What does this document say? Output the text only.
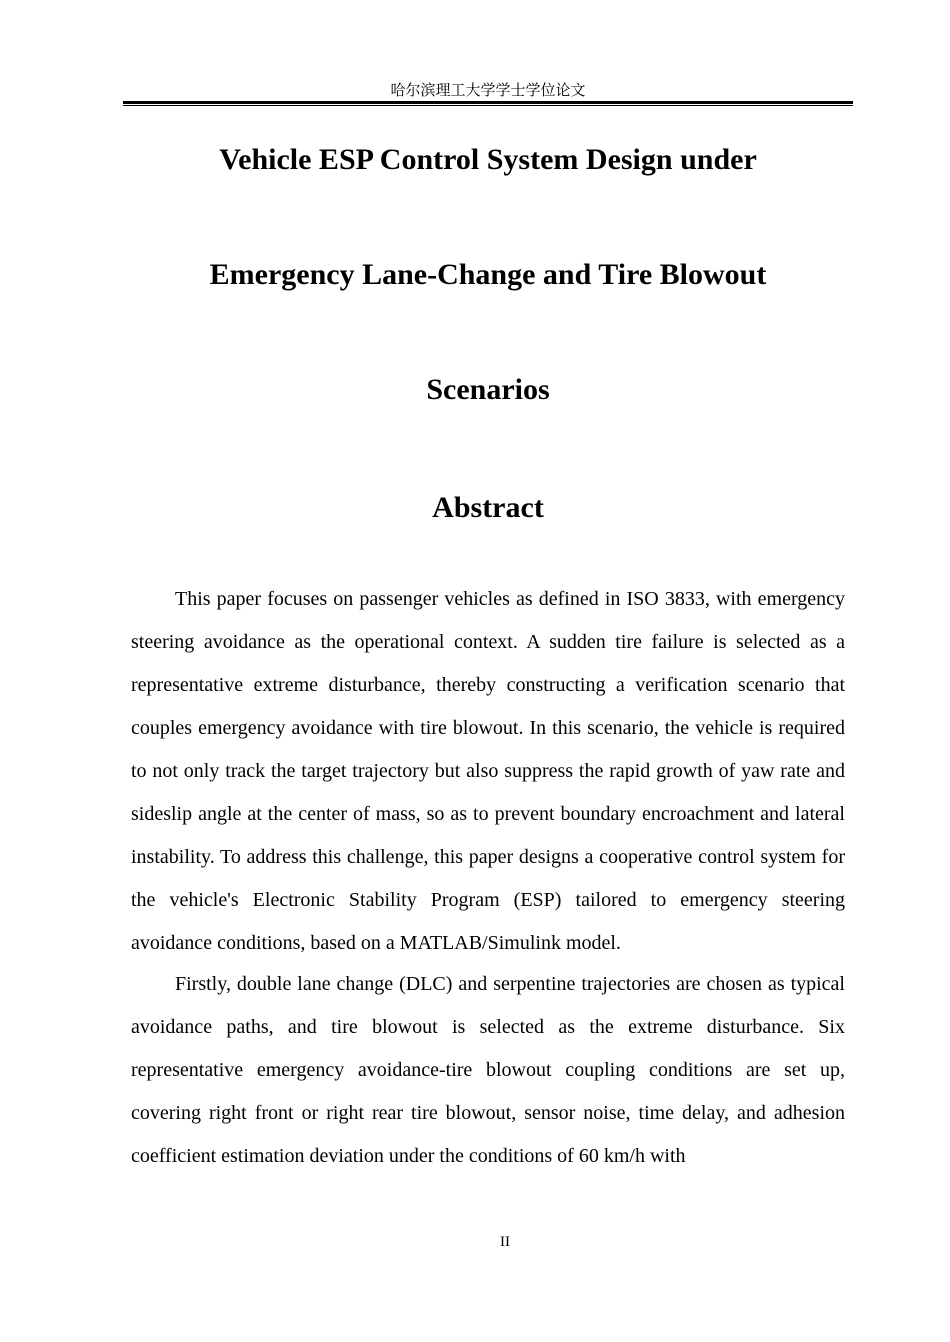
哈尔滨理工大学学士学位论文
Vehicle ESP Control System Design under
Emergency Lane-Change and Tire Blowout
Scenarios
Abstract

This paper focuses on passenger vehicles as defined in ISO 3833, with emergency steering avoidance as the operational context. A sudden tire failure is selected as a representative extreme disturbance, thereby constructing a verification scenario that couples emergency avoidance with tire blowout. In this scenario, the vehicle is required to not only track the target trajectory but also suppress the rapid growth of yaw rate and sideslip angle at the center of mass, so as to prevent boundary encroachment and lateral instability. To address this challenge, this paper designs a cooperative control system for the vehicle's Electronic Stability Program (ESP) tailored to emergency steering avoidance conditions, based on a MATLAB/Simulink model.

Firstly, double lane change (DLC) and serpentine trajectories are chosen as typical avoidance paths, and tire blowout is selected as the extreme disturbance. Six representative emergency avoidance-tire blowout coupling conditions are set up, covering right front or right rear tire blowout, sensor noise, time delay, and adhesion coefficient estimation deviation under the conditions of 60 km/h with

II
